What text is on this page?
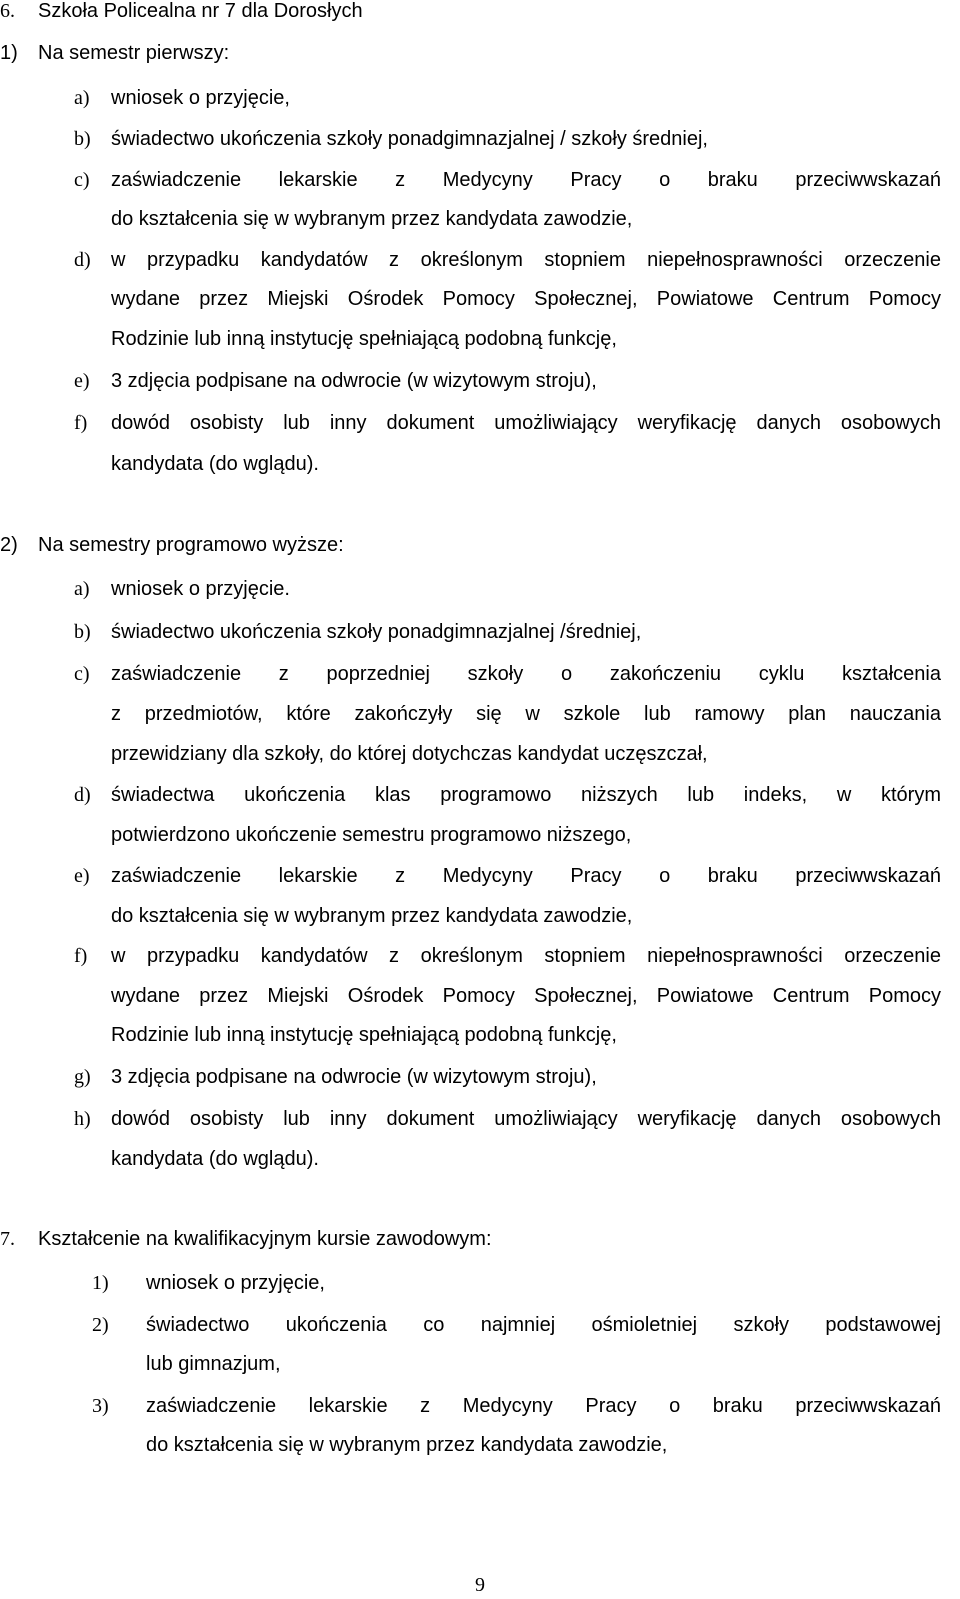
6. Szkoła Policealna nr 7 dla Dorosłych
1) Na semestr pierwszy:
a) wniosek o przyjęcie,
b) świadectwo ukończenia szkoły ponadgimnazjalnej / szkoły średniej,
c) zaświadczenie lekarskie z Medycyny Pracy o braku przeciwwskazań
do kształcenia się w wybranym przez kandydata zawodzie,
d) w przypadku kandydatów z określonym stopniem niepełnosprawności orzeczenie
wydane przez Miejski Ośrodek Pomocy Społecznej, Powiatowe Centrum Pomocy
Rodzinie lub inną instytucję spełniającą podobną funkcję,
e) 3 zdjęcia podpisane na odwrocie (w wizytowym stroju),
f) dowód osobisty lub inny dokument umożliwiający weryfikację danych osobowych
kandydata (do wglądu).
2) Na semestry programowo wyższe:
a) wniosek o przyjęcie.
b) świadectwo ukończenia szkoły ponadgimnazjalnej /średniej,
c) zaświadczenie z poprzedniej szkoły o zakończeniu cyklu kształcenia
z przedmiotów, które zakończyły się w szkole lub ramowy plan nauczania
przewidziany dla szkoły, do której dotychczas kandydat uczęszczał,
d) świadectwa ukończenia klas programowo niższych lub indeks, w którym
potwierdzono ukończenie semestru programowo niższego,
e) zaświadczenie lekarskie z Medycyny Pracy o braku przeciwwskazań
do kształcenia się w wybranym przez kandydata zawodzie,
f) w przypadku kandydatów z określonym stopniem niepełnosprawności orzeczenie
wydane przez Miejski Ośrodek Pomocy Społecznej, Powiatowe Centrum Pomocy
Rodzinie lub inną instytucję spełniającą podobną funkcję,
g) 3 zdjęcia podpisane na odwrocie (w wizytowym stroju),
h) dowód osobisty lub inny dokument umożliwiający weryfikację danych osobowych
kandydata (do wglądu).
7. Kształcenie na kwalifikacyjnym kursie zawodowym:
1) wniosek o przyjęcie,
2) świadectwo ukończenia co najmniej ośmioletniej szkoły podstawowej
lub gimnazjum,
3) zaświadczenie lekarskie z Medycyny Pracy o braku przeciwwskazań
do kształcenia się w wybranym przez kandydata zawodzie,
9
